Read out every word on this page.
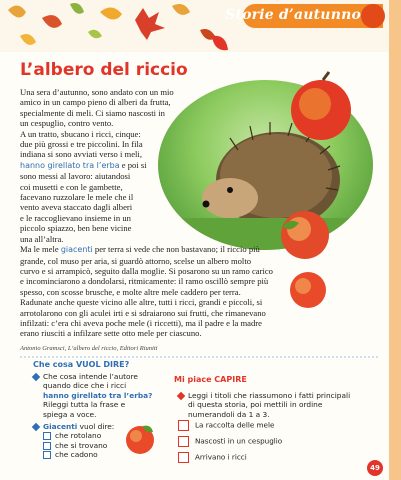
Storie d’autunno
L’albero del riccio
Una sera d’autunno, sono andato con un mio
amico in un campo pieno di alberi da frutta,
specialmente di meli. Ci siamo nascosti in
un cespuglio, contro vento.
A un tratto, sbucano i ricci, cinque:
due più grossi e tre piccolini. In fila
indiana si sono avviati verso i meli,
hanno girellato tra l’erba e poi si
sono messi al lavoro: aiutandosi
coi musetti e con le gambette,
facevano ruzzolare le mele che il
vento aveva staccato dagli alberi
e le raccoglievano insieme in un
piccolo spiazzo, ben bene vicine
una all’altra.
Ma le mele giacenti per terra si vede che non bastavano; il riccio più
grande, col muso per aria, si guardò attorno, scelse un albero molto
curvo e si arrampicò, seguito dalla moglie. Si posarono su un ramo carico
e incominciarono a dondolarsi, ritmicamente: il ramo oscillò sempre più
spesso, con scosse brusche, e molte altre mele caddero per terra.
Radunate anche queste vicino alle altre, tutti i ricci, grandi e piccoli, si
arrotolarono con gli aculei irti e si sdraiarono sui frutti, che rimanevano
infilzati: c’era chi aveva poche mele (i riccetti), ma il padre e la madre
erano riusciti a infilzare sette otto mele per ciascuno.
Antonio Gramsci, L’albero del riccio, Editori Riuniti
Che cosa VUOL DIRE?
Che cosa intende l’autore
quando dice che i ricci
hanno girellato tra l’erba?
Rileggi tutta la frase e
spiega a voce.
Giacenti vuol dire:
che rotolano
che si trovano
che cadono
Mi piace CAPIRE
Leggi i titoli che riassumono i fatti principali
di questa storia, poi mettili in ordine
numerandoli da 1 a 3.
La raccolta delle mele
Nascosti in un cespuglio
Arrivano i ricci
49
